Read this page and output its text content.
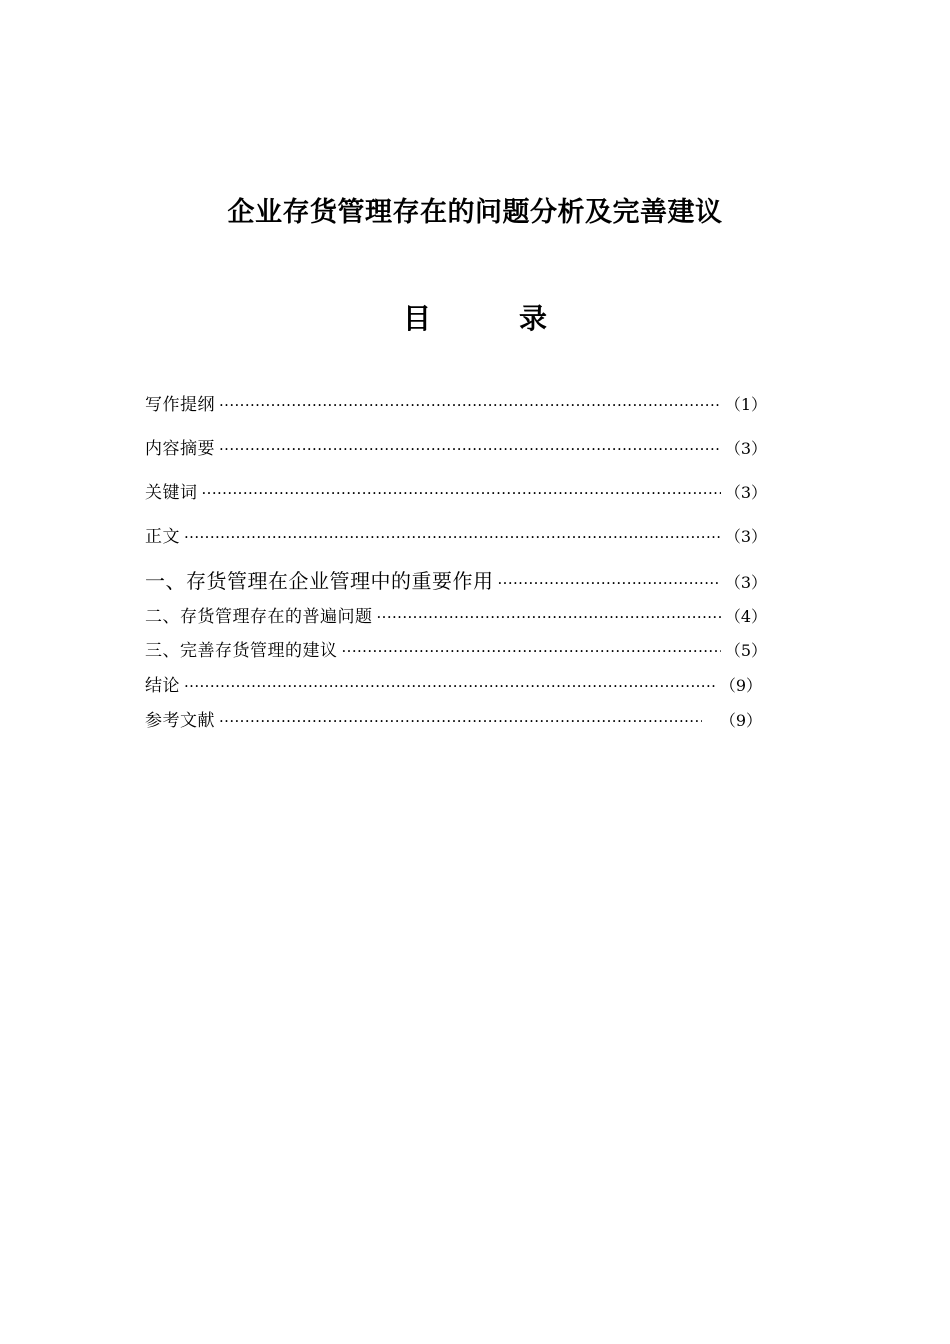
企业存货管理存在的问题分析及完善建议
目　录
写作提纲 ·····	（1）
内容摘要 ·····	（3）
关键词 ·····	（3）
正文 ·····	（3）
一、存货管理在企业管理中的重要作用 ·····	（3）
二、存货管理存在的普遍问题 ·····	（4）
三、完善存货管理的建议 ·····	（5）
结论 ·····	（9）
参考文献 ·····	（9）
